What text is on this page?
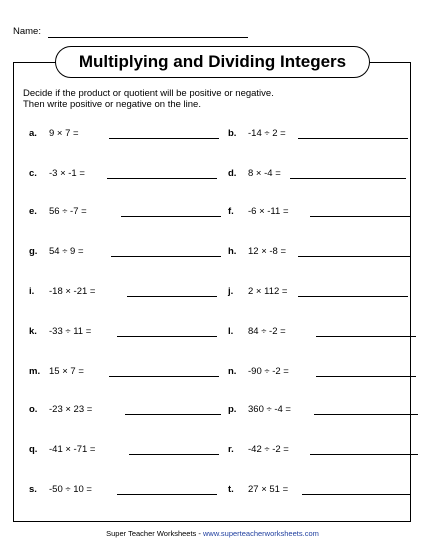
Name:
Multiplying and Dividing Integers
Decide if the product or quotient will be positive or negative.
Then write positive or negative on the line.
a.	9 × 7 =	b.	-14 ÷ 2 =
c.	-3 × -1 =	d.	8 × -4 =
e.	56 ÷ -7 =	f.	-6 × -11 =
g.	54 ÷ 9 =	h.	12 × -8 =
i.	-18 × -21 =	j.	2 × 112 =
k.	-33 ÷ 11 =	l.	84 ÷ -2 =
m. 15 × 7 =	n.	-90 ÷ -2 =
o.	-23 × 23 =	p.	360 ÷ -4 =
q.	-41 × -71 =	r.	-42 ÷ -2 =
s.	-50 ÷ 10 =	t.	27 × 51 =
Super Teacher Worksheets - www.superteacherworksheets.com
